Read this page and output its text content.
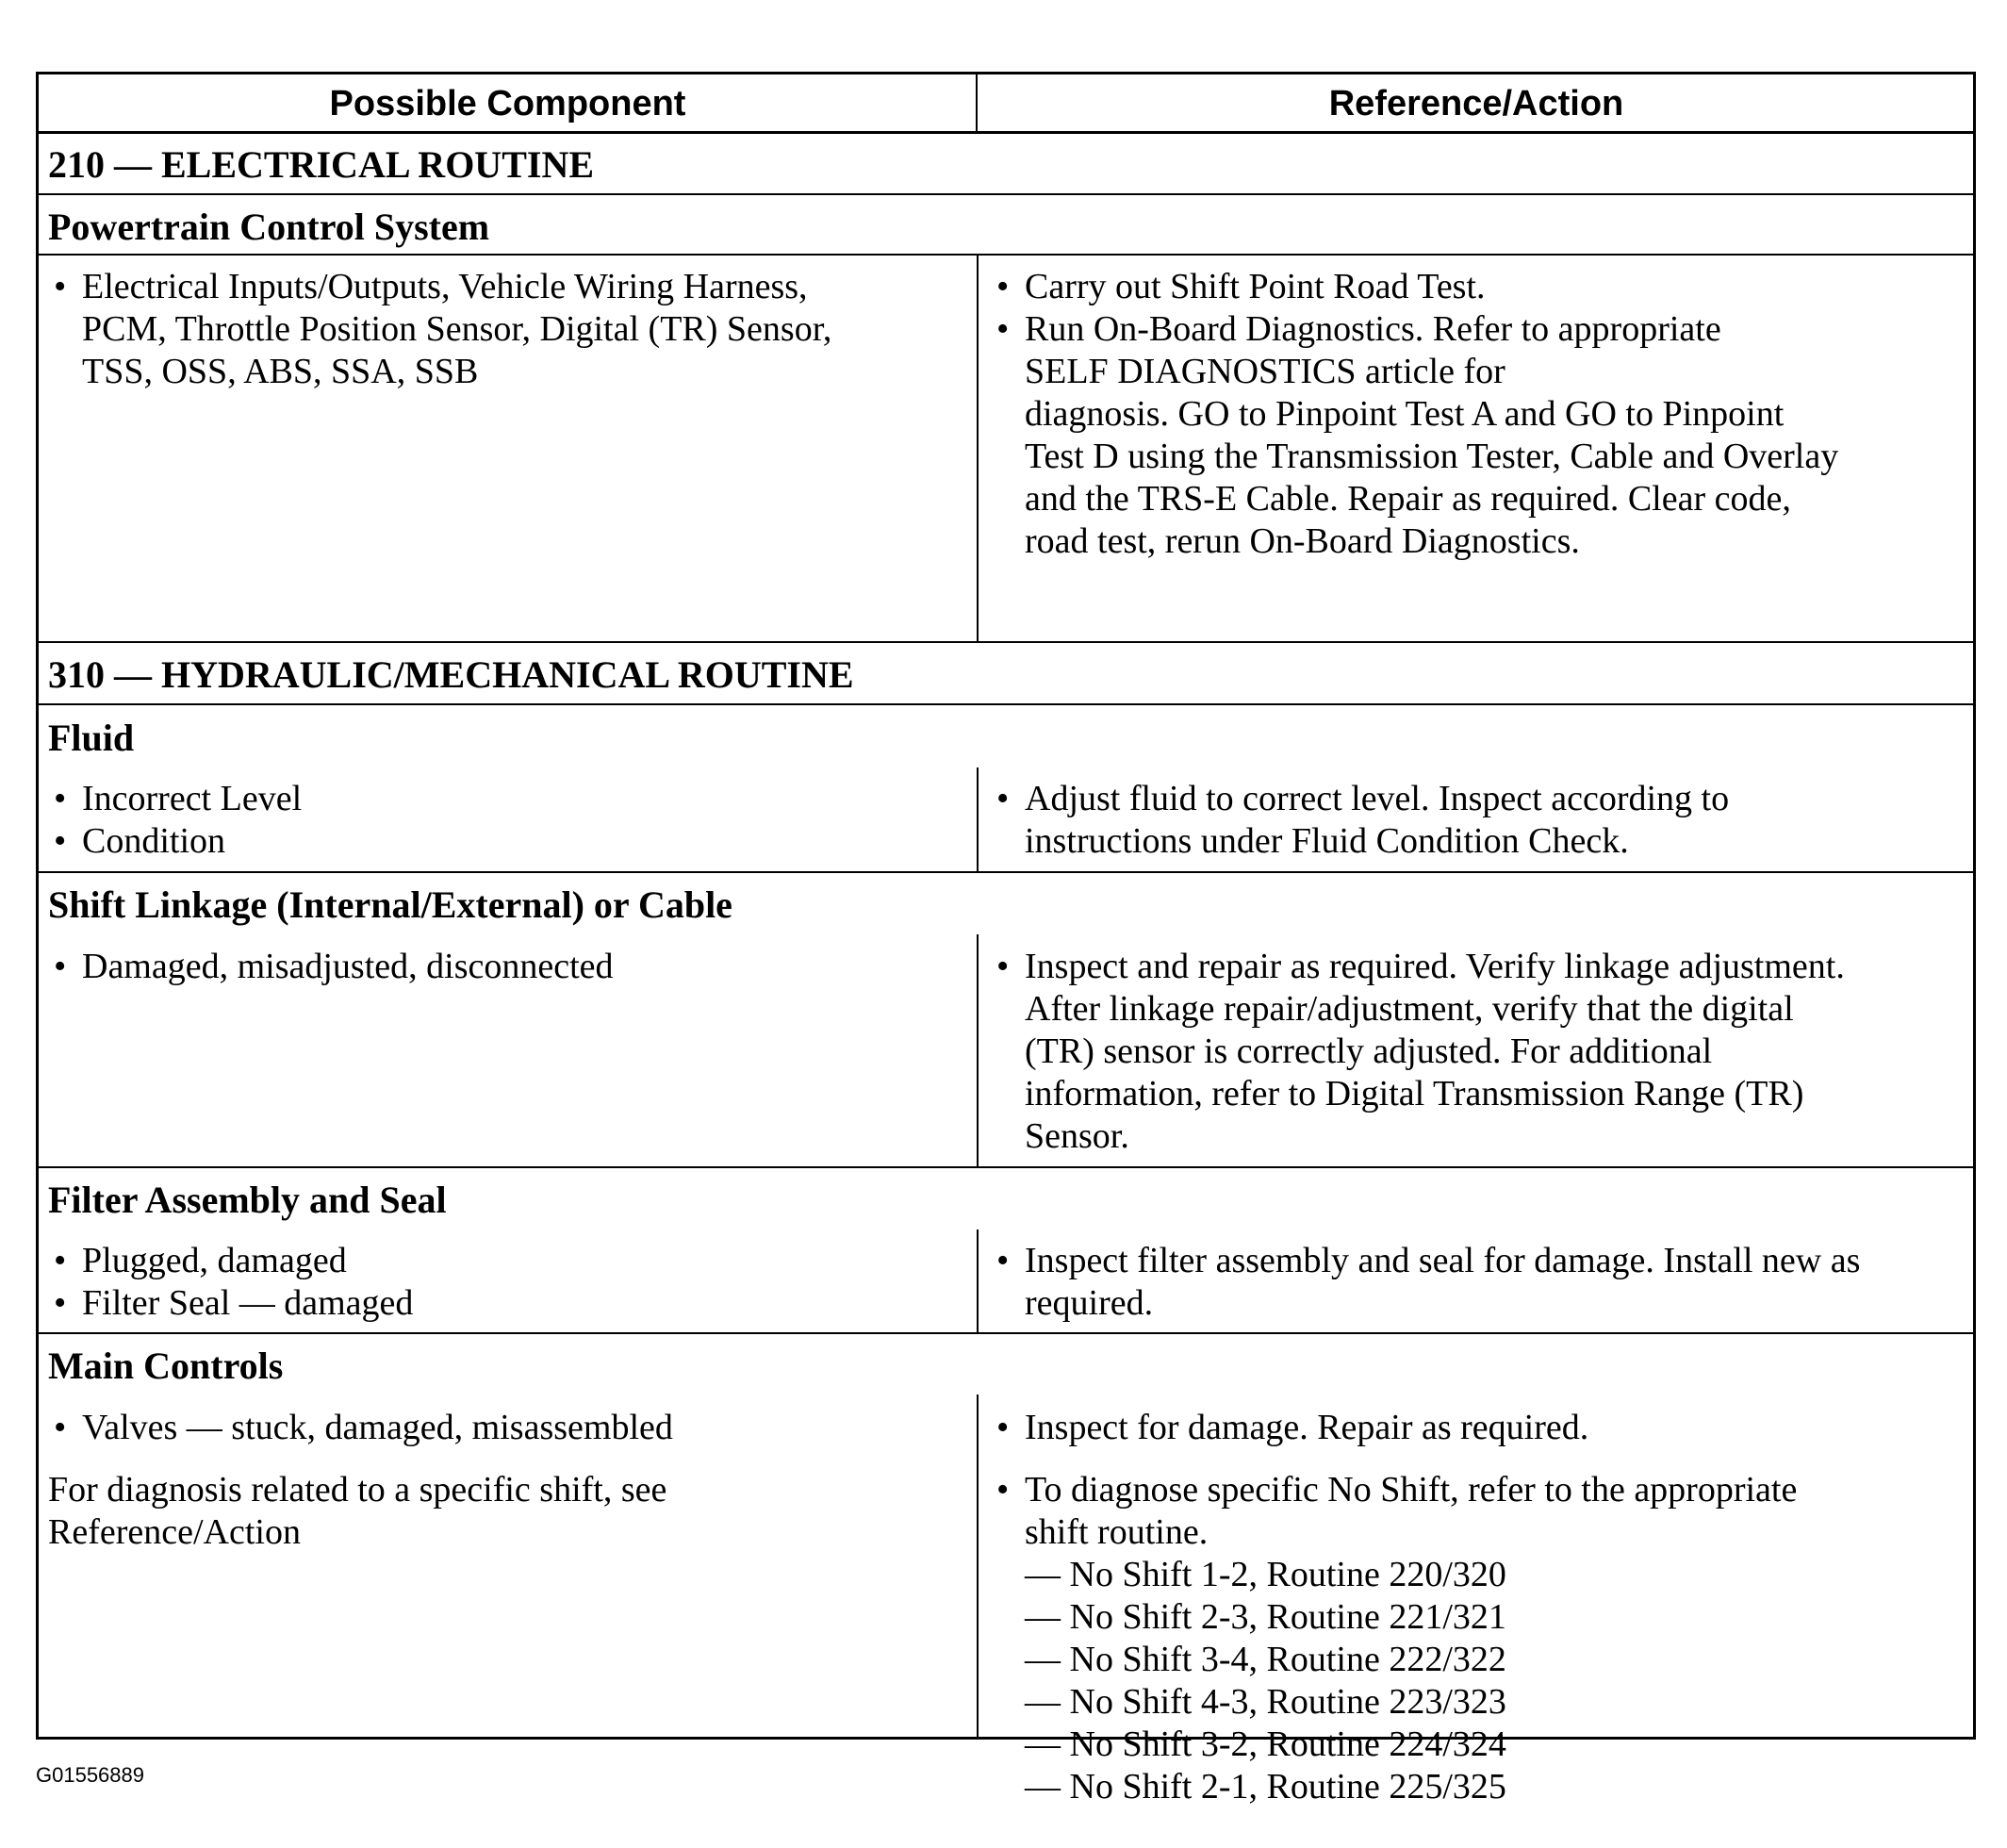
Possible Component	Reference/Action
210 — ELECTRICAL ROUTINE
Powertrain Control System
• Electrical Inputs/Outputs, Vehicle Wiring Harness,
PCM, Throttle Position Sensor, Digital (TR) Sensor,
TSS, OSS, ABS, SSA, SSB
• Carry out Shift Point Road Test.
• Run On-Board Diagnostics. Refer to appropriate
SELF DIAGNOSTICS article for
diagnosis. GO to Pinpoint Test A and GO to Pinpoint
Test D using the Transmission Tester, Cable and Overlay
and the TRS-E Cable. Repair as required. Clear code,
road test, rerun On-Board Diagnostics.
310 — HYDRAULIC/MECHANICAL ROUTINE
Fluid
• Incorrect Level
• Condition
• Adjust fluid to correct level. Inspect according to
instructions under Fluid Condition Check.
Shift Linkage (Internal/External) or Cable
• Damaged, misadjusted, disconnected
•	Inspect and repair as required. Verify linkage adjustment.
After linkage repair/adjustment, verify that the digital
(TR) sensor is correctly adjusted. For additional
information, refer to Digital Transmission Range (TR)
Sensor.
Filter Assembly and Seal
• Plugged, damaged
• Filter Seal — damaged
• Inspect filter assembly and seal for damage. Install new as
required.
Main Controls
• Valves — stuck, damaged, misassembled
For diagnosis related to a specific shift, see
Reference/Action
• Inspect for damage. Repair as required.
• To diagnose specific No Shift, refer to the appropriate
shift routine.
— No Shift 1-2, Routine 220/320
— No Shift 2-3, Routine 221/321
— No Shift 3-4, Routine 222/322
— No Shift 4-3, Routine 223/323
— No Shift 3-2, Routine 224/324
— No Shift 2-1, Routine 225/325
G01556889
